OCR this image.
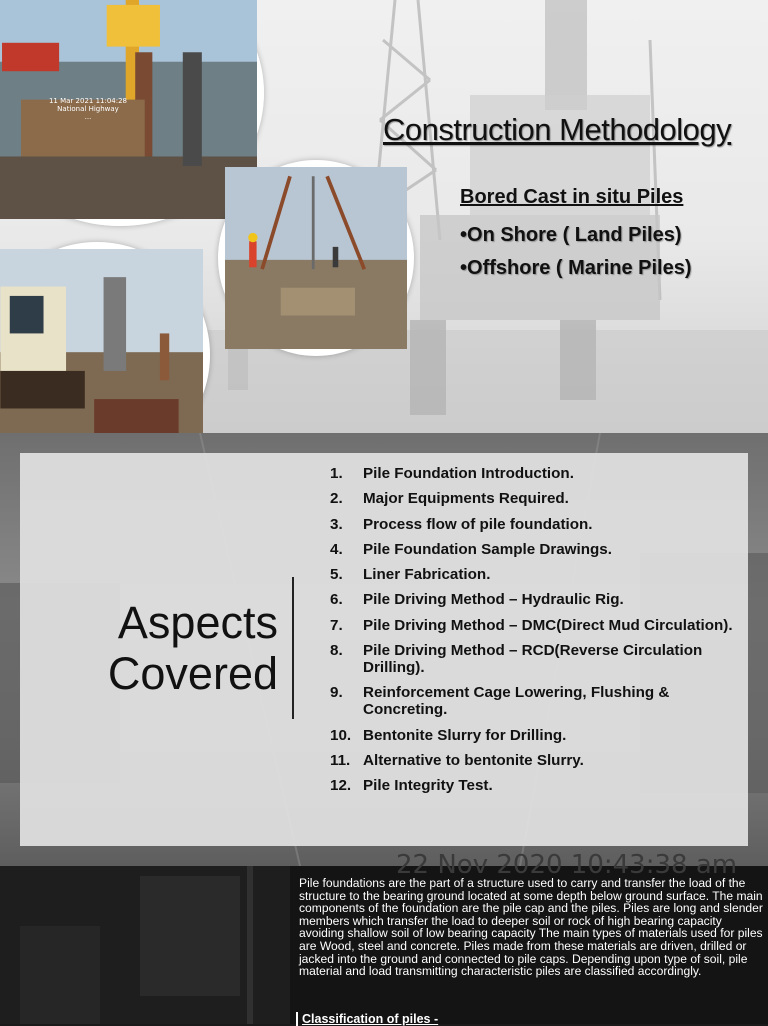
11 Mar 2021 11:04:28
National Highway
...	Construction Methodology
Bored Cast in situ Piles
• On Shore ( Land Piles)
• Offshore ( Marine Piles)
Aspects
Covered
1.	Pile Foundation Introduction.
2.	Major Equipments Required.
3.	Process flow of pile foundation.
4.	Pile Foundation Sample Drawings.
5.	Liner Fabrication.
6.	Pile Driving Method – Hydraulic Rig.
7.	Pile Driving Method – DMC(Direct Mud Circulation).
8.	Pile Driving Method – RCD(Reverse Circulation Drilling).
9.	Reinforcement Cage Lowering, Flushing & Concreting.
10. Bentonite Slurry for Drilling.
11. Alternative to bentonite Slurry.
12. Pile Integrity Test.
22 Nov 2020 10:43:38 am

Pile foundations are the part of a structure used to carry and transfer the load of the structure to the bearing ground located at some depth below ground surface. The main components of the foundation are the pile cap and the piles. Piles are long and slender members which transfer the load to deeper soil or rock of high bearing capacity avoiding shallow soil of low bearing capacity The main types of materials used for piles are Wood, steel and concrete. Piles made from these materials are driven, drilled or jacked into the ground and connected to pile caps. Depending upon type of soil, pile material and load transmitting characteristic piles are classified accordingly.

Classification of piles -
